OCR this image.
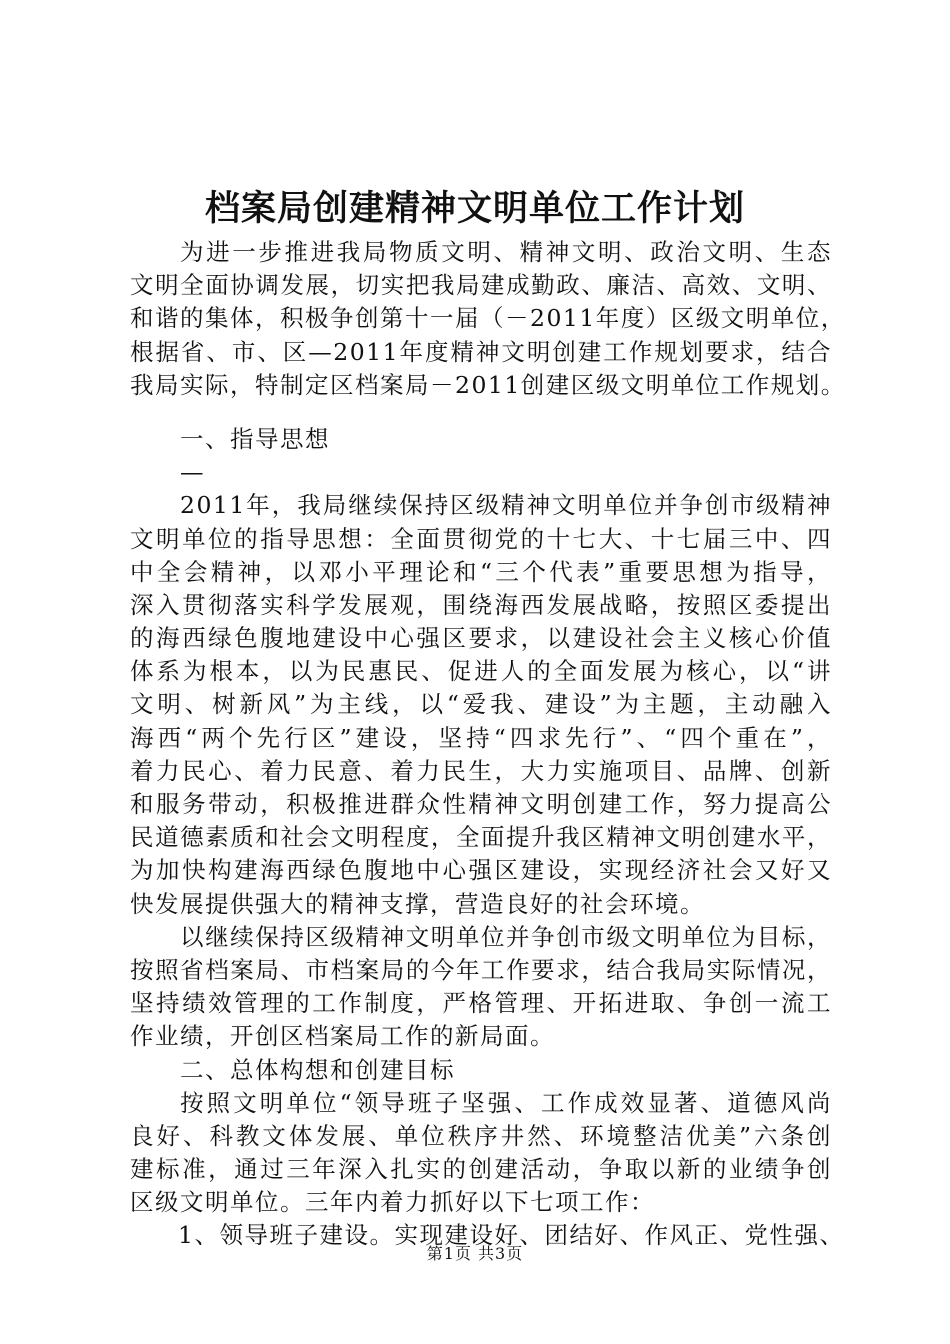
档案局创建精神文明单位工作计划
为进一步推进我局物质文明、精神文明、政治文明、生态
文明全面协调发展，切实把我局建成勤政、廉洁、高效、文明、
和谐的集体，积极争创第十一届（－2011年度）区级文明单位，
根据省、市、区—2011年度精神文明创建工作规划要求，结合
我局实际，特制定区档案局－2011创建区级文明单位工作规划。
一、指导思想
—
2011年，我局继续保持区级精神文明单位并争创市级精神
文明单位的指导思想：全面贯彻党的十七大、十七届三中、四
中全会精神，以邓小平理论和“三个代表”重要思想为指导，
深入贯彻落实科学发展观，围绕海西发展战略，按照区委提出
的海西绿色腹地建设中心强区要求，以建设社会主义核心价值
体系为根本，以为民惠民、促进人的全面发展为核心，以“讲
文明、树新风”为主线，以“爱我、建设”为主题，主动融入
海西“两个先行区”建设，坚持“四求先行”、“四个重在”，
着力民心、着力民意、着力民生，大力实施项目、品牌、创新
和服务带动，积极推进群众性精神文明创建工作，努力提高公
民道德素质和社会文明程度，全面提升我区精神文明创建水平，
为加快构建海西绿色腹地中心强区建设，实现经济社会又好又
快发展提供强大的精神支撑，营造良好的社会环境。
以继续保持区级精神文明单位并争创市级文明单位为目标，
按照省档案局、市档案局的今年工作要求，结合我局实际情况，
坚持绩效管理的工作制度，严格管理、开拓进取、争创一流工
作业绩，开创区档案局工作的新局面。
二、总体构想和创建目标
按照文明单位“领导班子坚强、工作成效显著、道德风尚
良好、科教文体发展、单位秩序井然、环境整洁优美”六条创
建标准，通过三年深入扎实的创建活动，争取以新的业绩争创
区级文明单位。三年内着力抓好以下七项工作：
1、领导班子建设。实现建设好、团结好、作风正、党性强、
第1页 共3页
